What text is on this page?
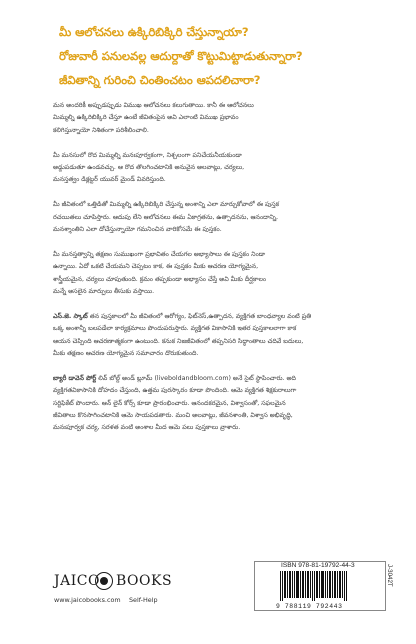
మీ ఆలోచనలు ఉక్కిరిబిక్కిరి చేస్తున్నాయా?
రోజువారీ పనులవల్ల ఆదుర్దాతో కొట్టుమిట్టాడుతున్నారా?
జీవితాన్ని గురించి చింతించటం ఆపదలిచారా?
మన అందరికీ అప్పుడప్పుడు విముఖ ఆలోచనలు కలుగుతాయి. కానీ ఈ ఆలోచనలు
మిమ్మల్ని ఉక్కిరిబిక్కిరి చేస్తూ ఉంటే జీవితంపైన అవి ఎలాంటి విముఖ ప్రభావం
కలిగిస్తున్నాయో నిశితంగా పరిశీలించాలి.
మీ మనసులో రొద మిమ్మల్ని మనఃపూర్వకంగా, నిశ్చలంగా పనిచేయనీయకుండా
అడ్డుపడుతూ ఉండవచ్చు. ఆ రొద తొలగించటానికి అనువైన అలవాట్లు, చర్యలు,
మనస్తత్వం డిక్లట్టర్ యువర్ మైండ్ వివరిస్తుంది.
మీ జీవితంలో ఒత్తిడితో మిమ్మల్ని ఉక్కిరిబిక్కిరి చేస్తున్న అంశాన్ని ఎలా మార్చుకోవాలో ఈ పుస్తక
రచయితలు చూపిస్తారు. ఆదుపు లేని ఆలోచనలు ఈమ ఏకాగ్రతను, ఉత్పాదనను, ఆనందాన్ని,
మనశ్శాంతిని ఎలా దోచేస్తున్నాయో గమనించిన వారికోసమే ఈ పుస్తకం.
మీ మనస్తత్వాన్ని తక్షణం సుముఖంగా ప్రభావితం చేయగల అభ్యాసాలు ఈ పుస్తకం నిండా
ఉన్నాయి. ఏదో ఒకటి చేయమని చెప్పటం కాక, ఈ పుస్తకం మీకు ఆచరణ యోగ్యమైన,
శాస్త్రీయమైన, చర్యలు చూపుతుంది. క్రమం తప్పకుండా అభ్యాసం చేస్తే అవి మీకు దీర్ఘకాలం
మన్నే అసలైన మార్పులు తీసుకు వస్తాయి.
ఎస్.జె. స్కాట్ తన పుస్తకాలలో మీ జీవితంలో ఆరోగ్యం, ఫిట్‌నెస్,ఉత్పాదన, వ్యక్తిగత బాంధవ్యాల వంటి ప్రతి
ఒక్క అంశాన్నీ బలపడేలా కార్యక్రమాలు పొందుపరుస్తారు. వ్యక్తిగత వికాసానికి ఇతర పుస్తకాలలాగా కాక
ఆయన చెప్పింది ఆచరణాత్మకంగా ఉంటుంది. కనుక నిజజీవితంలో తప్పనిసరి సిద్ధాంతాలు చదివే బదులు,
మీకు తక్షణం ఆచరణ యోగ్యమైన సమాచారం దొరుకుతుంది.
బ్యారీ డావెన్ పోర్ట్ లివ్ బోల్డ్ అండ్ బ్లూమ్ (liveboldandbloom.com) అనే సైట్ స్థాపించారు. అది
వ్యక్తిగతవికాసానికి దోహదం చేస్తుంది, ఉత్తమ పురస్కారం కూడా పొందింది. ఆమె వ్యక్తిగత శిక్షకురాలుగా
సర్టిఫికేట్ పొందారు. ఆన్ లైన్ కోర్స్ కూడా ప్రారంభించారు. ఆనందకరమైన, విశ్వాసంతో, సఫలమైన
జీవితాలు కొనసాగించటానికి ఆమె సాయపడతారు. మంచి అలవాట్లు, జీవనశాంతి, విశ్వాస అభివృద్ధి,
మనఃపూర్వక చర్య, సరళత వంటి అంశాల మీద ఆమె పలు పుస్తకాలు వ్రాశారు.
JAICO BOOKS
www.jaicobooks.com Self-Help
ISBN 978-81-19792-44-3
9 788119 792443
J-3042T
